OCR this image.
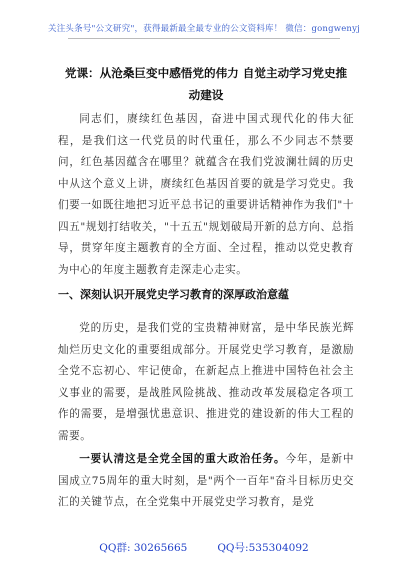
关注头条号"公文研究"，获得最新最全最专业的公文资料库！ 微信：gongwenyj
党课：从沧桑巨变中感悟党的伟力 自觉主动学习党史推动建设

同志们，赓续红色基因，奋进中国式现代化的伟大征程，是我们这一代党员的时代重任，那么不少同志不禁要问，红色基因蕴含在哪里？就蕴含在我们党波澜壮阔的历史中从这个意义上讲，赓续红色基因首要的就是学习党史。我们要一如既往地把习近平总书记的重要讲话精神作为我们"十四五"规划打结收关，"十五五"规划破局开新的总方向、总指导，贯穿年度主题教育的全方面、全过程，推动以党史教育为中心的年度主题教育走深走心走实。

一、深刻认识开展党史学习教育的深厚政治意蕴

党的历史，是我们党的宝贵精神财富，是中华民族光辉灿烂历史文化的重要组成部分。开展党史学习教育，是激励全党不忘初心、牢记使命，在新起点上推进中国特色社会主义事业的需要，是战胜风险挑战、推动改革发展稳定各项工作的需要，是增强忧患意识、推进党的建设新的伟大工程的需要。

一要认清这是全党全国的重大政治任务。今年，是新中国成立75周年的重大时刻，是"两个一百年"奋斗目标历史交汇的关键节点，在全党集中开展党史学习教育，是党

QQ群: 30265665	QQ号:535304092
